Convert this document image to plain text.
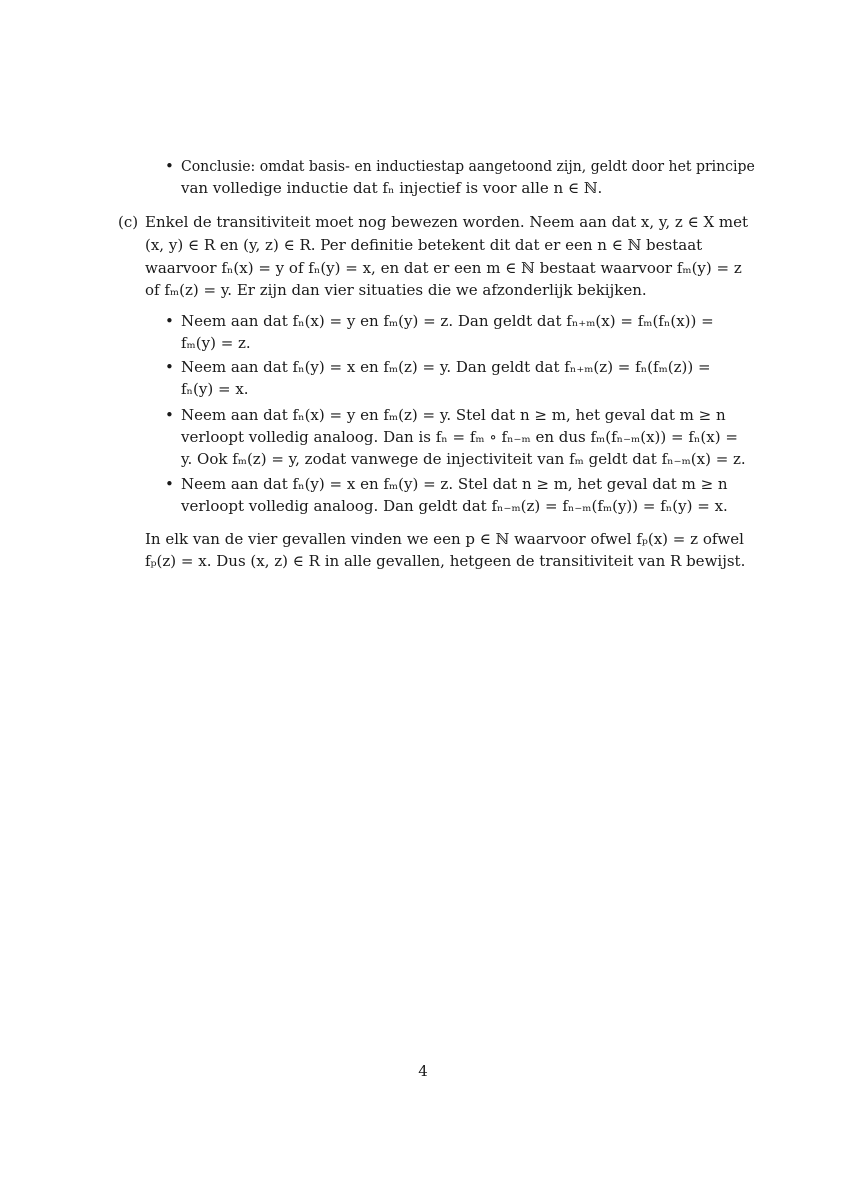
• Conclusie: omdat basis- en inductiestap aangetoond zijn, geldt door het principe
van volledige inductie dat fₙ injectief is voor alle n ∈ ℕ.
(c) Enkel de transitiviteit moet nog bewezen worden. Neem aan dat x, y, z ∈ X met
(x, y) ∈ R en (y, z) ∈ R. Per definitie betekent dit dat er een n ∈ ℕ bestaat
waarvoor fₙ(x) = y of fₙ(y) = x, en dat er een m ∈ ℕ bestaat waarvoor fₘ(y) = z
of fₘ(z) = y. Er zijn dan vier situaties die we afzonderlijk bekijken.
• Neem aan dat fₙ(x) = y en fₘ(y) = z. Dan geldt dat fₙ₊ₘ(x) = fₘ(fₙ(x)) =
fₘ(y) = z.
• Neem aan dat fₙ(y) = x en fₘ(z) = y. Dan geldt dat fₙ₊ₘ(z) = fₙ(fₘ(z)) =
fₙ(y) = x.
• Neem aan dat fₙ(x) = y en fₘ(z) = y. Stel dat n ≥ m, het geval dat m ≥ n
verloopt volledig analoog. Dan is fₙ = fₘ ∘ fₙ₋ₘ en dus fₘ(fₙ₋ₘ(x)) = fₙ(x) =
y. Ook fₘ(z) = y, zodat vanwege de injectiviteit van fₘ geldt dat fₙ₋ₘ(x) = z.
• Neem aan dat fₙ(y) = x en fₘ(y) = z. Stel dat n ≥ m, het geval dat m ≥ n
verloopt volledig analoog. Dan geldt dat fₙ₋ₘ(z) = fₙ₋ₘ(fₘ(y)) = fₙ(y) = x.
In elk van de vier gevallen vinden we een p ∈ ℕ waarvoor ofwel fₚ(x) = z ofwel
fₚ(z) = x. Dus (x, z) ∈ R in alle gevallen, hetgeen de transitiviteit van R bewijst.
4
